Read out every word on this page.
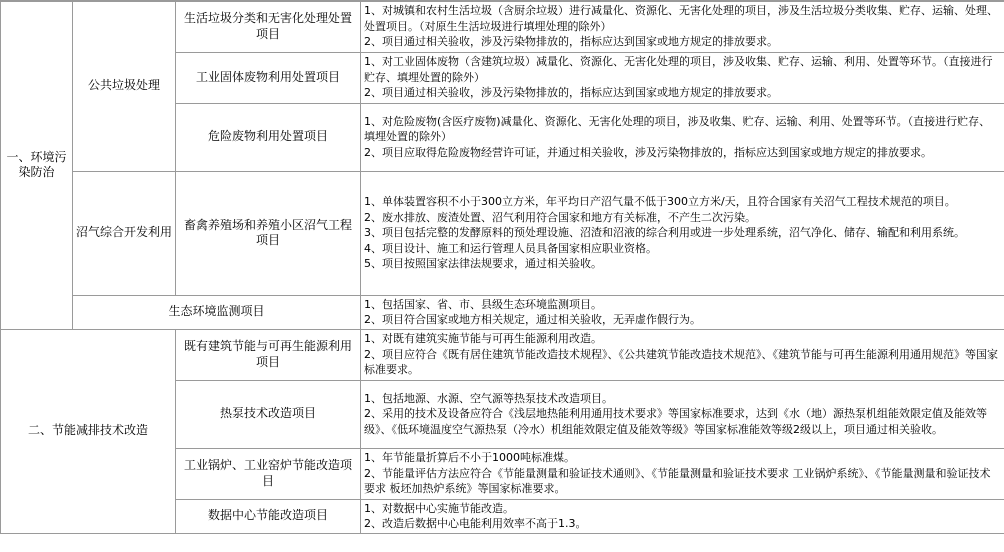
一、环境污染防治	公共垃圾处理	生活垃圾分类和无害化处理处置项目	1、对城镇和农村生活垃圾（含厨余垃圾）进行减量化、资源化、无害化处理的项目，涉及生活垃圾分类收集、贮存、运输、处理、处置项目。（对原生生活垃圾进行填埋处理的除外）
2、项目通过相关验收，涉及污染物排放的，指标应达到国家或地方规定的排放要求。

		工业固体废物利用处置项目	1、对工业固体废物（含建筑垃圾）减量化、资源化、无害化处理的项目，涉及收集、贮存、运输、利用、处置等环节。（直接进行贮存、填埋处置的除外）
2、项目通过相关验收，涉及污染物排放的，指标应达到国家或地方规定的排放要求。

		危险废物利用处置项目	1、对危险废物(含医疗废物)减量化、资源化、无害化处理的项目，涉及收集、贮存、运输、利用、处置等环节。（直接进行贮存、填埋处置的除外）
2、项目应取得危险废物经营许可证，并通过相关验收，涉及污染物排放的，指标应达到国家或地方规定的排放要求。

	沼气综合开发利用	畜禽养殖场和养殖小区沼气工程项目	1、单体装置容积不小于300立方米，年平均日产沼气量不低于300立方米/天，且符合国家有关沼气工程技术规范的项目。
2、废水排放、废渣处置、沼气利用符合国家和地方有关标准，不产生二次污染。
3、项目包括完整的发酵原料的预处理设施、沼渣和沼液的综合利用或进一步处理系统，沼气净化、储存、输配和利用系统。
4、项目设计、施工和运行管理人员具备国家相应职业资格。
5、项目按照国家法律法规要求，通过相关验收。

	生态环境监测项目		1、包括国家、省、市、县级生态环境监测项目。
2、项目符合国家或地方相关规定，通过相关验收，无弄虚作假行为。

二、节能减排技术改造		既有建筑节能与可再生能源利用项目	1、对既有建筑实施节能与可再生能源利用改造。
2、项目应符合《既有居住建筑节能改造技术规程》、《公共建筑节能改造技术规范》、《建筑节能与可再生能源利用通用规范》等国家标准要求。

		热泵技术改造项目	1、包括地源、水源、空气源等热泵技术改造项目。
2、采用的技术及设备应符合《浅层地热能利用通用技术要求》等国家标准要求，达到《水（地）源热泵机组能效限定值及能效等级》、《低环境温度空气源热泵（冷水）机组能效限定值及能效等级》等国家标准能效等级2级以上，项目通过相关验收。

		工业锅炉、工业窑炉节能改造项目	1、年节能量折算后不小于1000吨标准煤。
2、节能量评估方法应符合《节能量测量和验证技术通则》、《节能量测量和验证技术要求 工业锅炉系统》、《节能量测量和验证技术要求 板坯加热炉系统》等国家标准要求。

		数据中心节能改造项目	1、对数据中心实施节能改造。
2、改造后数据中心电能利用效率不高于1.3。
